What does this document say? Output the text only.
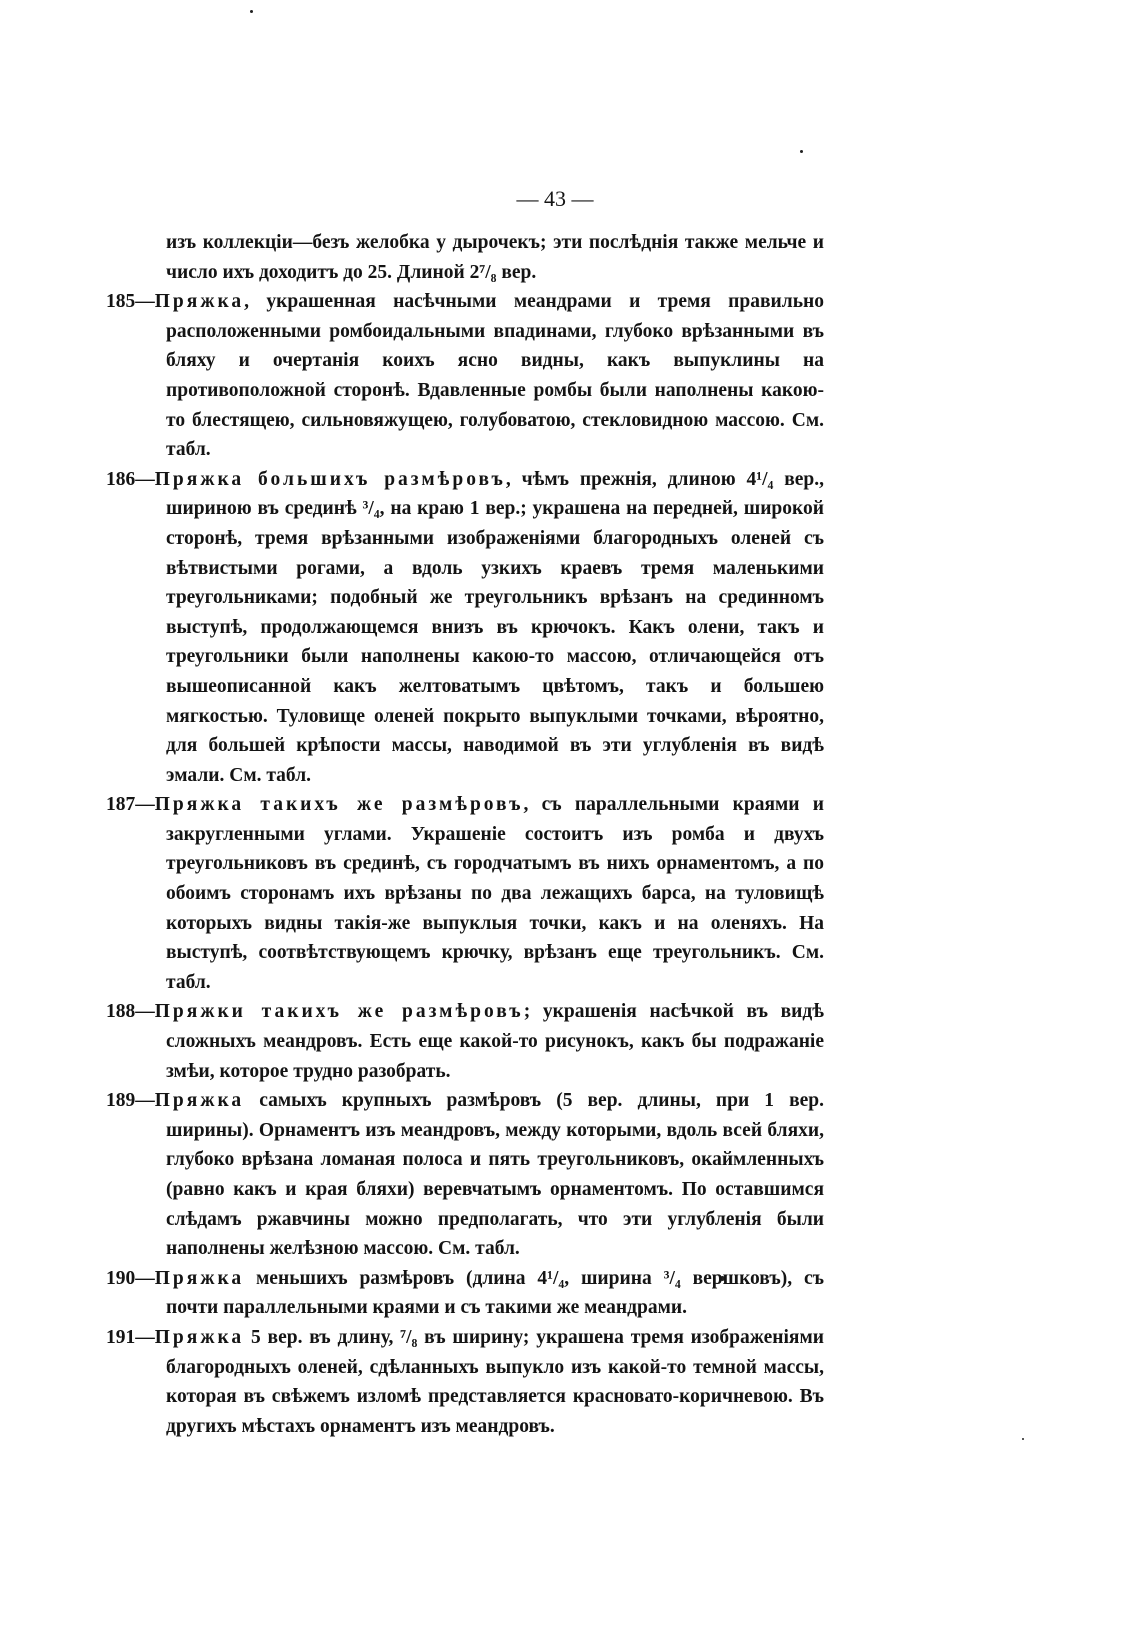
— 43 —

изъ коллекціи—безъ желобка у дырочекъ; эти послѣднія также мельче и число ихъ доходитъ до 25. Длиной 2⁷/₈ вер.

185—Пряжка, украшенная насѣчными меандрами и тремя правильно расположенными ромбоидальными впадинами, глубоко врѣзанными въ бляху и очертанія коихъ ясно видны, какъ выпуклины на противоположной сторонѣ. Вдавленные ромбы были наполнены какою-то блестящею, сильновяжущею, голубоватою, стекловидною массою. См. табл.

186—Пряжка большихъ размѣровъ, чѣмъ прежнія, длиною 4¹/₄ вер., шириною въ срединѣ ³/₄, на краю 1 вер.; украшена на передней, широкой сторонѣ, тремя врѣзанными изображеніями благородныхъ оленей съ вѣтвистыми рогами, а вдоль узкихъ краевъ тремя маленькими треугольниками; подобный же треугольникъ врѣзанъ на срединномъ выступѣ, продолжающемся внизъ въ крючокъ. Какъ олени, такъ и треугольники были наполнены какою-то массою, отличающейся отъ вышеописанной какъ желтоватымъ цвѣтомъ, такъ и большею мягкостью. Туловище оленей покрыто выпуклыми точками, вѣроятно, для большей крѣпости массы, наводимой въ эти углубленія въ видѣ эмали. См. табл.

187—Пряжка такихъ же размѣровъ, съ параллельными краями и закругленными углами. Украшеніе состоитъ изъ ромба и двухъ треугольниковъ въ срединѣ, съ городчатымъ въ нихъ орнаментомъ, а по обоимъ сторонамъ ихъ врѣзаны по два лежащихъ барса, на туловищѣ которыхъ видны такія-же выпуклыя точки, какъ и на оленяхъ. На выступѣ, соотвѣтствующемъ крючку, врѣзанъ еще треугольникъ. См. табл.

188—Пряжки такихъ же размѣровъ; украшенія насѣчкой въ видѣ сложныхъ меандровъ. Есть еще какой-то рисунокъ, какъ бы подражаніе змѣи, которое трудно разобрать.

189—Пряжка самыхъ крупныхъ размѣровъ (5 вер. длины, при 1 вер. ширины). Орнаментъ изъ меандровъ, между которыми, вдоль всей бляхи, глубоко врѣзана ломаная полоса и пять треугольниковъ, окаймленныхъ (равно какъ и края бляхи) веревчатымъ орнаментомъ. По оставшимся слѣдамъ ржавчины можно предполагать, что эти углубленія были наполнены желѣзною массою. См. табл.

190—Пряжка меньшихъ размѣровъ (длина 4¹/₄, ширина ³/₄ вершковъ), съ почти параллельными краями и съ такими же меандрами.

191—Пряжка 5 вер. въ длину, ⁷/₈ въ ширину; украшена тремя изображеніями благородныхъ оленей, сдѣланныхъ выпукло изъ какой-то темной массы, которая въ свѣжемъ изломѣ представляется красновато-коричневою. Въ другихъ мѣстахъ орнаментъ изъ меандровъ.
